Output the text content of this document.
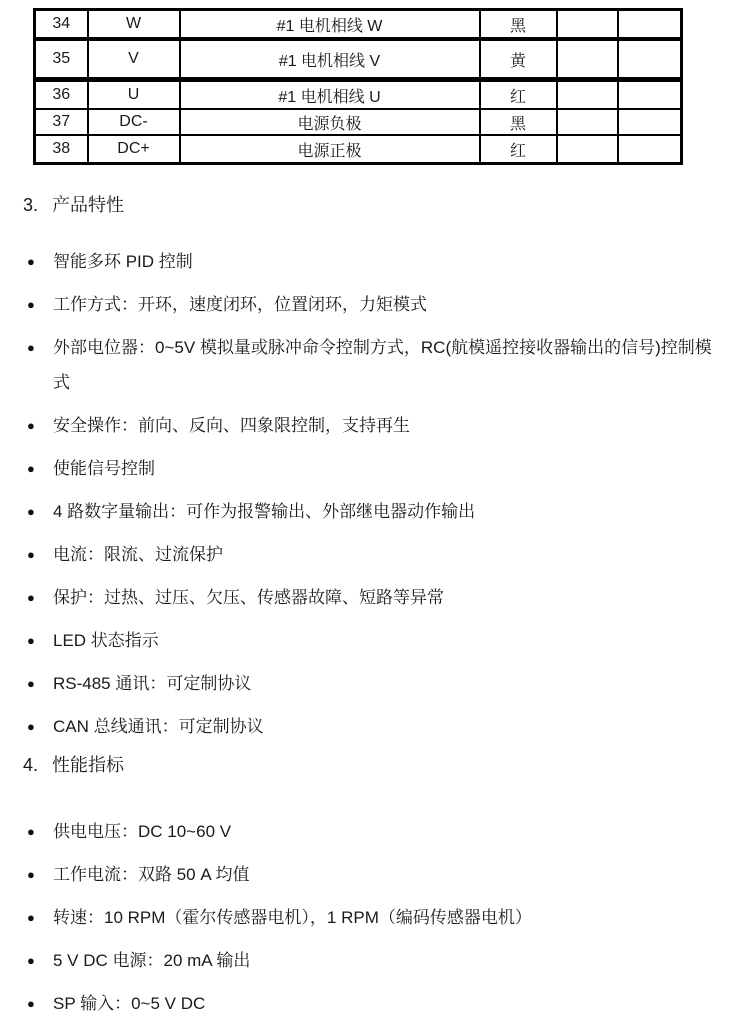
34	W	#1 电机相线 W	黑		
35	V	#1 电机相线 V	黄		
36	U	#1 电机相线 U	红		
37	DC-	电源负极	黑		
38	DC+	电源正极	红		
3. 产品特性
● 智能多环 PID 控制
● 工作方式：开环，速度闭环，位置闭环，力矩模式
● 外部电位器：0~5V 模拟量或脉冲命令控制方式，RC(航模遥控接收器输出的信号)控制模式
● 安全操作：前向、反向、四象限控制，支持再生
● 使能信号控制
● 4 路数字量输出：可作为报警输出、外部继电器动作输出
● 电流：限流、过流保护
● 保护：过热、过压、欠压、传感器故障、短路等异常
● LED 状态指示
● RS-485 通讯：可定制协议
● CAN 总线通讯：可定制协议
4. 性能指标
● 供电电压：DC 10~60 V
● 工作电流：双路 50 A 均值
● 转速：10 RPM（霍尔传感器电机），1 RPM（编码传感器电机）
● 5 V DC 电源：20 mA 输出
● SP 输入：0~5 V DC
